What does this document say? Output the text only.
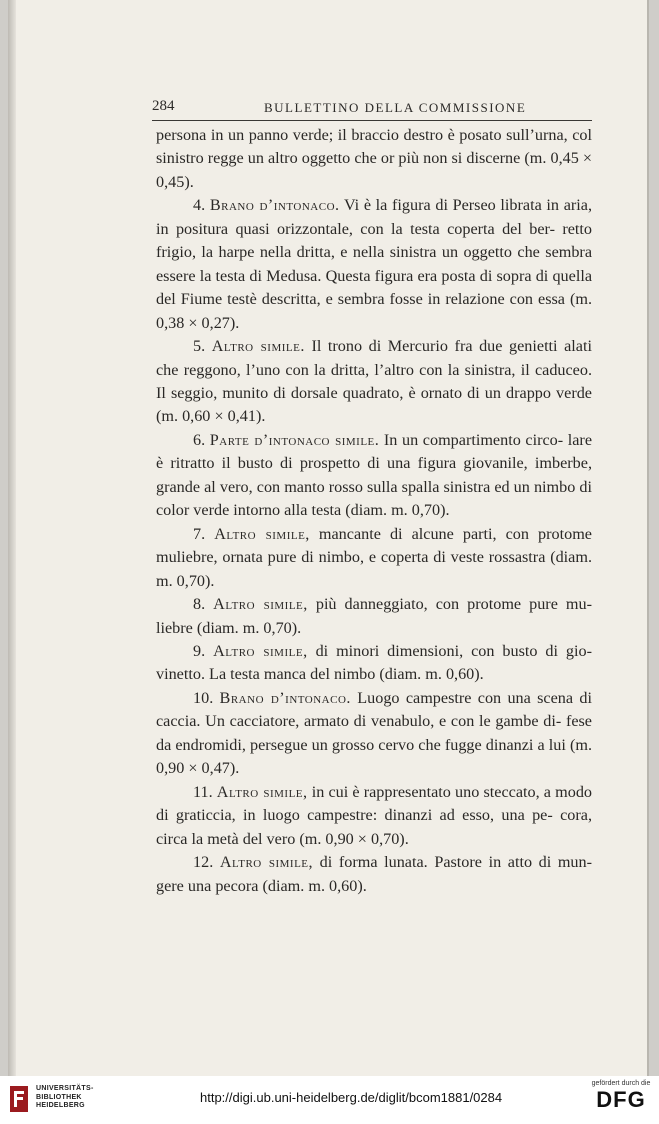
284	BULLETTINO DELLA COMMISSIONE

persona in un panno verde; il braccio destro è posato sull’urna, col sinistro regge un altro oggetto che or più non si discerne (m. 0,45 × 0,45).

4. Brano d’intonaco. Vi è la figura di Perseo librata in aria, in positura quasi orizzontale, con la testa coperta del ber- retto frigio, la harpe nella dritta, e nella sinistra un oggetto che sembra essere la testa di Medusa. Questa figura era posta di sopra di quella del Fiume testè descritta, e sembra fosse in relazione con essa (m. 0,38 × 0,27).

5. Altro simile. Il trono di Mercurio fra due genietti alati che reggono, l’uno con la dritta, l’altro con la sinistra, il caduceo. Il seggio, munito di dorsale quadrato, è ornato di un drappo verde (m. 0,60 × 0,41).

6. Parte d’intonaco simile. In un compartimento circo- lare è ritratto il busto di prospetto di una figura giovanile, imberbe, grande al vero, con manto rosso sulla spalla sinistra ed un nimbo di color verde intorno alla testa (diam. m. 0,70).

7. Altro simile, mancante di alcune parti, con protome muliebre, ornata pure di nimbo, e coperta di veste rossastra (diam. m. 0,70).

8. Altro simile, più danneggiato, con protome pure mu- liebre (diam. m. 0,70).

9. Altro simile, di minori dimensioni, con busto di gio- vinetto. La testa manca del nimbo (diam. m. 0,60).

10. Brano d’intonaco. Luogo campestre con una scena di caccia. Un cacciatore, armato di venabulo, e con le gambe di- fese da endromidi, persegue un grosso cervo che fugge dinanzi a lui (m. 0,90 × 0,47).

11. Altro simile, in cui è rappresentato uno steccato, a modo di graticcia, in luogo campestre: dinanzi ad esso, una pe- cora, circa la metà del vero (m. 0,90 × 0,70).

12. Altro simile, di forma lunata. Pastore in atto di mun- gere una pecora (diam. m. 0,60).

UNIVERSITÄTS-
BIBLIOTHEK
HEIDELBERG
http://digi.ub.uni-heidelberg.de/diglit/bcom1881/0284
gefördert durch die
DFG
